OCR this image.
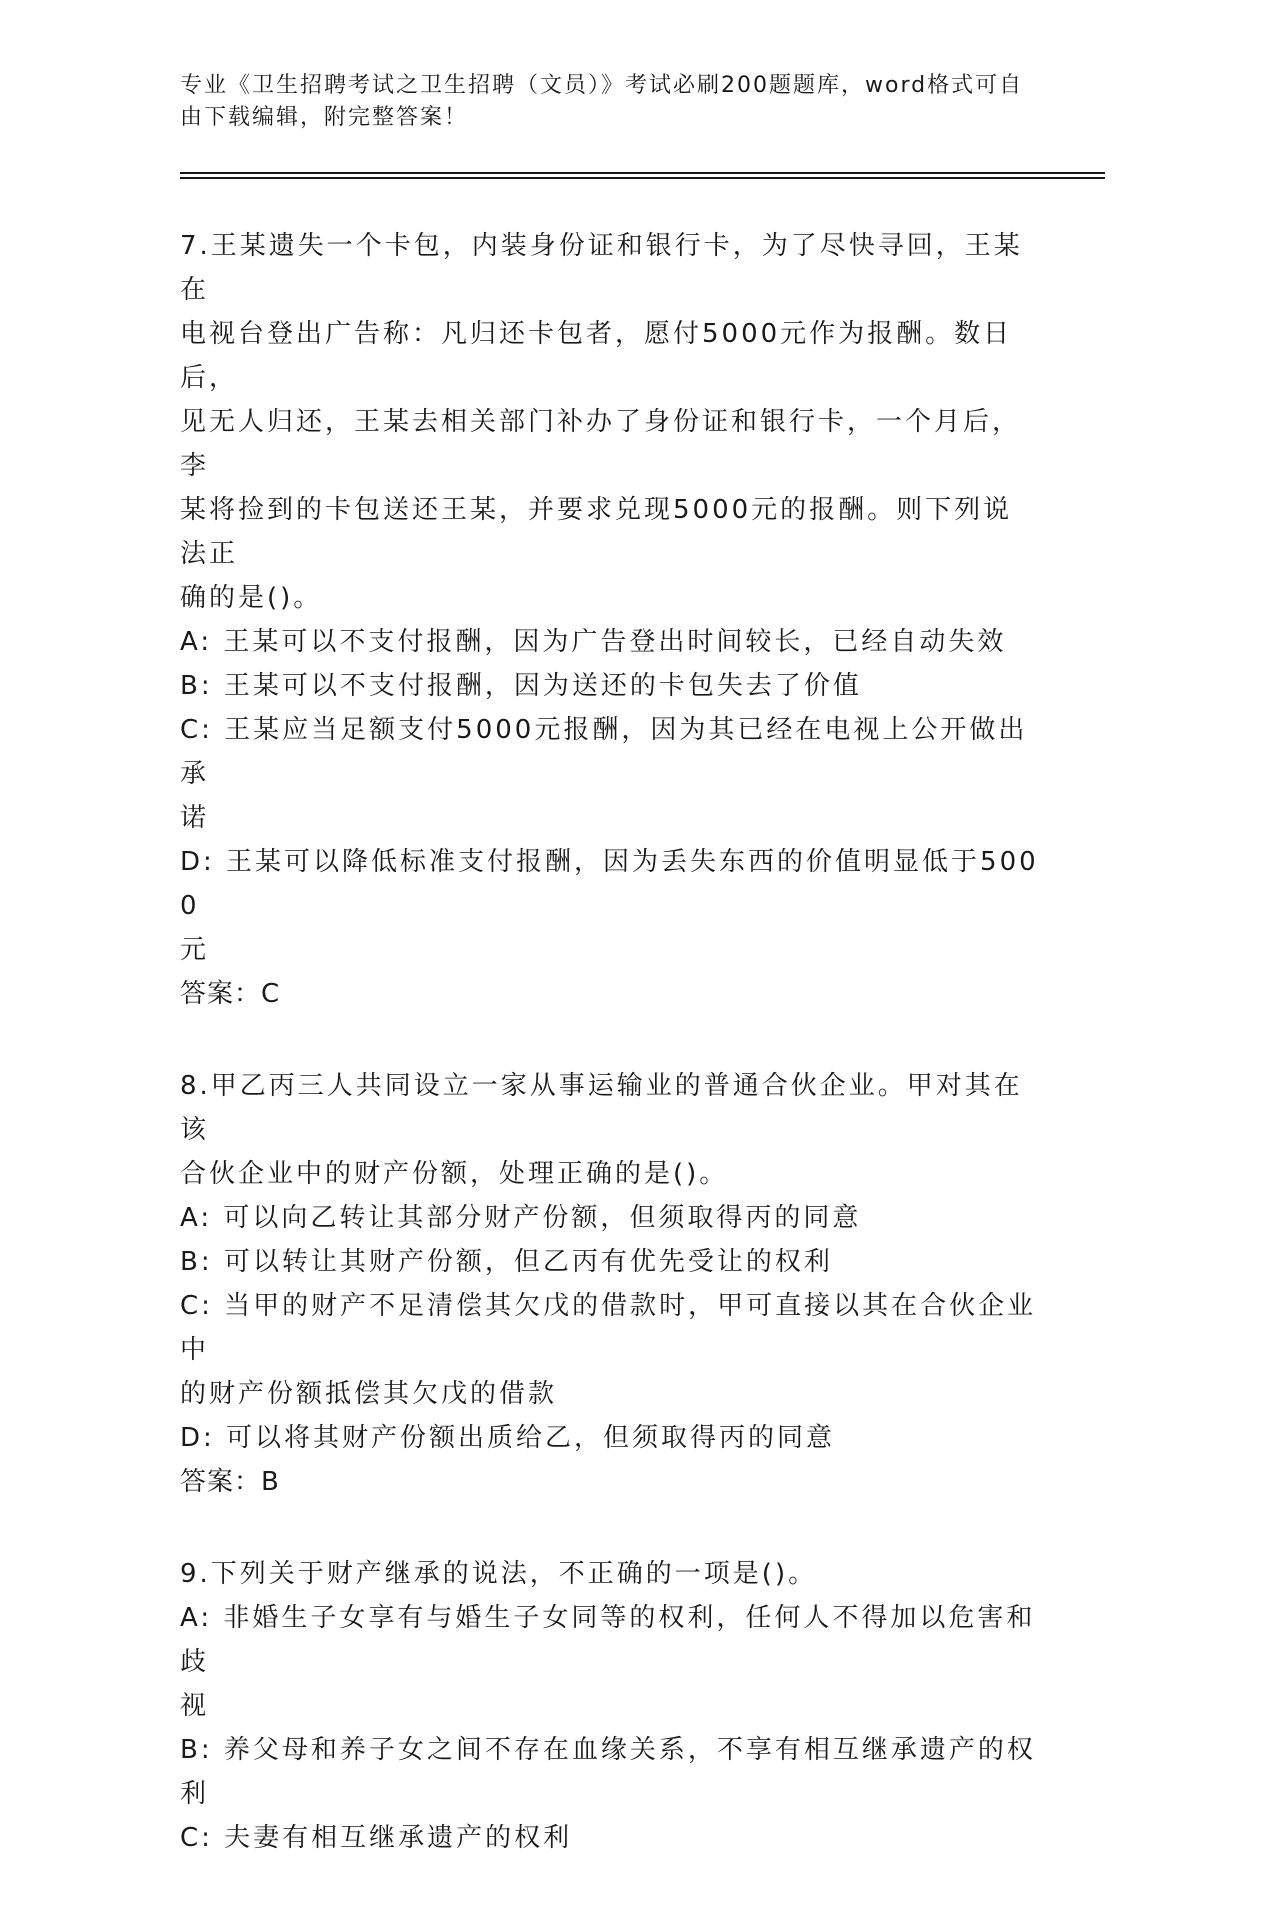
专业《卫生招聘考试之卫生招聘（文员）》考试必刷200题题库，word格式可自
由下载编辑，附完整答案！
7.王某遗失一个卡包，内装身份证和银行卡，为了尽快寻回，王某在
电视台登出广告称：凡归还卡包者，愿付5000元作为报酬。数日后，
见无人归还，王某去相关部门补办了身份证和银行卡，一个月后，李
某将捡到的卡包送还王某，并要求兑现5000元的报酬。则下列说法正
确的是()。
A: 王某可以不支付报酬，因为广告登出时间较长，已经自动失效
B: 王某可以不支付报酬，因为送还的卡包失去了价值
C: 王某应当足额支付5000元报酬，因为其已经在电视上公开做出承
诺
D: 王某可以降低标准支付报酬，因为丢失东西的价值明显低于5000
元
答案：C
8.甲乙丙三人共同设立一家从事运输业的普通合伙企业。甲对其在该
合伙企业中的财产份额，处理正确的是()。
A: 可以向乙转让其部分财产份额，但须取得丙的同意
B: 可以转让其财产份额，但乙丙有优先受让的权利
C: 当甲的财产不足清偿其欠戊的借款时，甲可直接以其在合伙企业中
的财产份额抵偿其欠戊的借款
D: 可以将其财产份额出质给乙，但须取得丙的同意
答案：B
9.下列关于财产继承的说法，不正确的一项是()。
A: 非婚生子女享有与婚生子女同等的权利，任何人不得加以危害和歧
视
B: 养父母和养子女之间不存在血缘关系，不享有相互继承遗产的权利
C: 夫妻有相互继承遗产的权利
